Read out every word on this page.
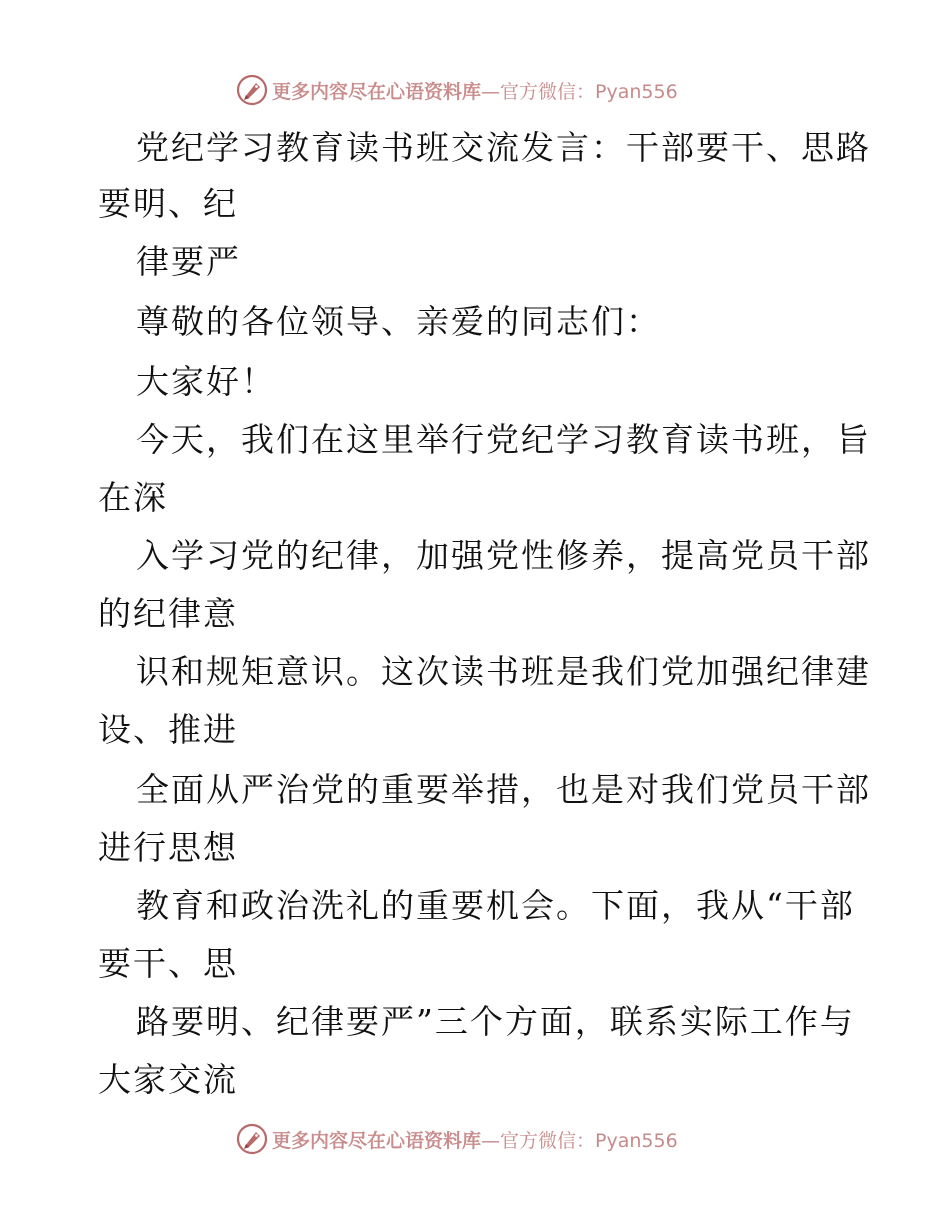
更多内容尽在心语资料库—官方微信：Pyan556
党纪学习教育读书班交流发言：干部要干、思路
要明、纪
律要严
尊敬的各位领导、亲爱的同志们：
大家好！
今天，我们在这里举行党纪学习教育读书班，旨
在深
入学习党的纪律，加强党性修养，提高党员干部
的纪律意
识和规矩意识。这次读书班是我们党加强纪律建
设、推进
全面从严治党的重要举措，也是对我们党员干部
进行思想
教育和政治洗礼的重要机会。下面，我从“干部
要干、思
路要明、纪律要严”三个方面，联系实际工作与
大家交流
更多内容尽在心语资料库—官方微信：Pyan556
